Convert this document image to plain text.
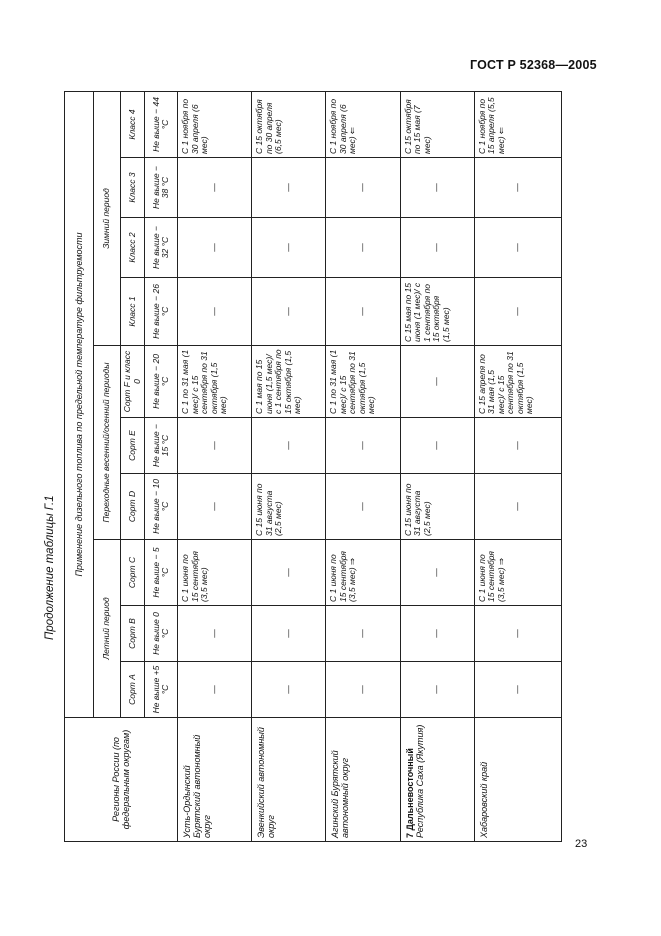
ГОСТ Р 52368—2005
Продолжение таблицы Г.1
Регионы России (по федеральным округам)	Применение дизельного топлива по предельной температуре фильтруемости									
	Летний период			Переходные весенний/осенний периоды			Зимний период			
	Сорт А	Сорт В	Сорт С	Сорт D	Сорт Е	Сорт F и класс 0	Класс 1	Класс 2	Класс 3	Класс 4
	Не выше +5 °С	Не выше 0 °С	Не выше − 5 °С	Не выше − 10 °С	Не выше − 15 °С	Не выше − 20 °С	Не выше − 26 °С	Не выше − 32 °С	Не выше − 38 °С	Не выше − 44 °С
Усть-Ордынский Бурятский автономный округ	—	—	С 1 июня по 15 сентября (3,5 мес)	—	—	С 1 по 31 мая (1 мес)/ с 15 сентября по 31 октября (1,5 мес)	—	—	—	С 1 ноября по 30 апреля (6 мес)
Эвенкийский автономный округ	—	—	—	С 15 июня по 31 августа (2,5 мес)	—	С 1 мая по 15 июня (1,5 мес)/ с 1 сентября по 15 октября (1,5 мес)	—	—	—	С 15 октября по 30 апреля (6,5 мес)
Агинский Бурятский автономный округ	—	—	С 1 июня по 15 сентября (3,5 мес) ⇒	—	—	С 1 по 31 мая (1 мес)/ с 15 сентября по 31 октября (1,5 мес)	—	—	—	С 1 ноября по 30 апреля (6 мес) ⇐

7 Дальневосточный Республика Саха (Якутия)	—	—	—	С 15 июня по 31 августа (2,5 мес)	—	—	С 15 мая по 15 июня (1 мес)/ с 1 сентября по 15 октября (1,5 мес)	—	—	С 15 октября по 15 мая (7 мес)
Хабаровский край	—	—	С 1 июня по 15 сентября (3,5 мес) ⇒	—	—	С 15 апреля по 31 мая (1,5 мес)/ с 15 сентября по 31 октября (1,5 мес)	—	—	—	С 1 ноября по 15 апреля (5,5 мес) ⇐
23
